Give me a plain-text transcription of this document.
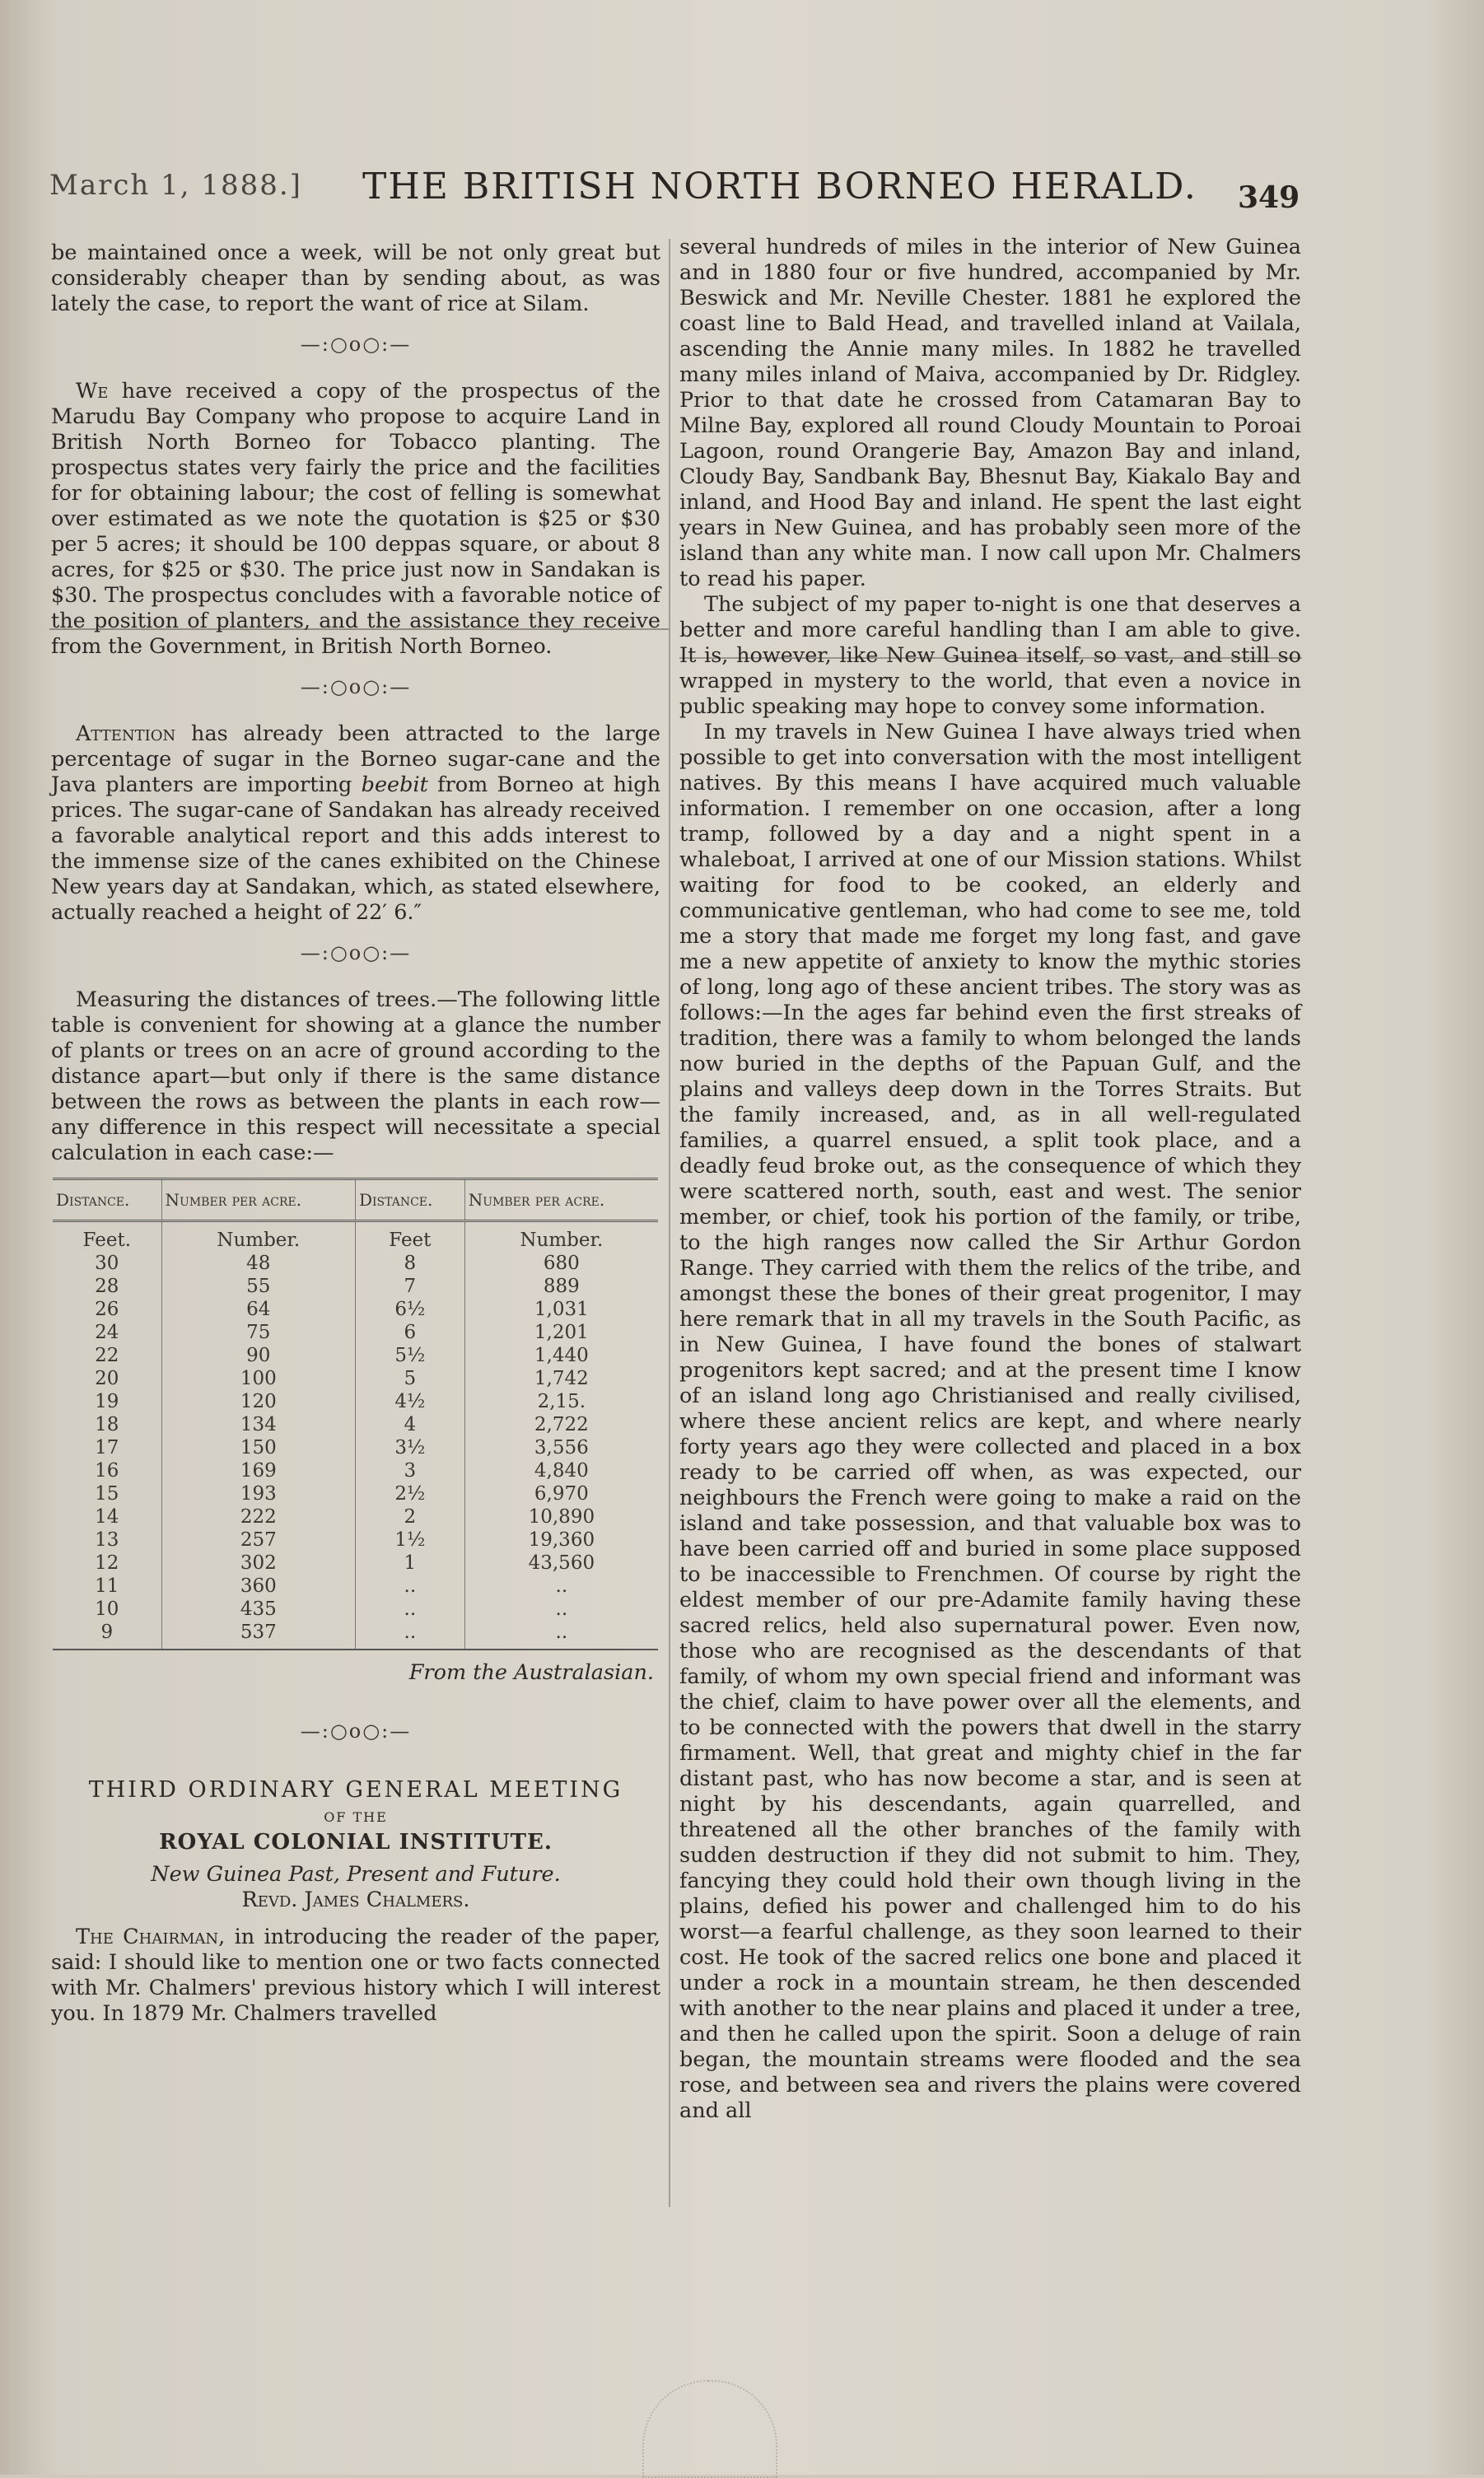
March 1, 1888.] THE BRITISH NORTH BORNEO HERALD. 349

be maintained once a week, will be not only great but considerably cheaper than by sending about, as was lately the case, to report the want of rice at Silam.

—:○o○:—

We have received a copy of the prospectus of the Marudu Bay Company who propose to acquire Land in British North Borneo for Tobacco planting. The prospectus states very fairly the price and the facilities for for obtaining labour; the cost of felling is somewhat over estimated as we note the quotation is $25 or $30 per 5 acres; it should be 100 deppas square, or about 8 acres, for $25 or $30. The price just now in Sandakan is $30. The prospectus concludes with a favorable notice of the position of planters, and the assistance they receive from the Government, in British North Borneo.

—:○o○:—

Attention has already been attracted to the large percentage of sugar in the Borneo sugar-cane and the Java planters are importing beebit from Borneo at high prices. The sugar-cane of Sandakan has already received a favorable analytical report and this adds interest to the immense size of the canes exhibited on the Chinese New years day at Sandakan, which, as stated elsewhere, actually reached a height of 22′ 6.″

—:○o○:—

Measuring the distances of trees.—The following little table is convenient for showing at a glance the number of plants or trees on an acre of ground according to the distance apart—but only if there is the same distance between the rows as between the plants in each row—any difference in this respect will necessitate a special calculation in each case:—

Distance.	Number per acre.	Distance.	Number per acre.
Feet.	Number.	Feet	Number.
30	48	8	680
28	55	7	889
26	64	6½	1,031
24	75	6	1,201
22	90	5½	1,440
20	100	5	1,742
19	120	4½	2,15.
18	134	4	2,722
17	150	3½	3,556
16	169	3	4,840
15	193	2½	6,970
14	222	2	10,890
13	257	1½	19,360
12	302	1	43,560
11	360	..	..
10	435	..	..
9	537	..	..
From the Australasian.
—:○o○:—
THIRD ORDINARY GENERAL MEETING
OF THE
ROYAL COLONIAL INSTITUTE.
New Guinea Past, Present and Future.
Revd. James Chalmers.

The Chairman, in introducing the reader of the paper, said: I should like to mention one or two facts connected with Mr. Chalmers' previous history which I will interest you. In 1879 Mr. Chalmers travelled

several hundreds of miles in the interior of New Guinea and in 1880 four or five hundred, accompanied by Mr. Beswick and Mr. Neville Chester. 1881 he explored the coast line to Bald Head, and travelled inland at Vailala, ascending the Annie many miles. In 1882 he travelled many miles inland of Maiva, accompanied by Dr. Ridgley. Prior to that date he crossed from Catamaran Bay to Milne Bay, explored all round Cloudy Mountain to Poroai Lagoon, round Orangerie Bay, Amazon Bay and inland, Cloudy Bay, Sandbank Bay, Bhesnut Bay, Kiakalo Bay and inland, and Hood Bay and inland. He spent the last eight years in New Guinea, and has probably seen more of the island than any white man. I now call upon Mr. Chalmers to read his paper.

The subject of my paper to-night is one that deserves a better and more careful handling than I am able to give. It is, however, like New Guinea itself, so vast, and still so wrapped in mystery to the world, that even a novice in public speaking may hope to convey some information.

In my travels in New Guinea I have always tried when possible to get into conversation with the most intelligent natives. By this means I have acquired much valuable information. I remember on one occasion, after a long tramp, followed by a day and a night spent in a whaleboat, I arrived at one of our Mission stations. Whilst waiting for food to be cooked, an elderly and communicative gentleman, who had come to see me, told me a story that made me forget my long fast, and gave me a new appetite of anxiety to know the mythic stories of long, long ago of these ancient tribes. The story was as follows:—In the ages far behind even the first streaks of tradition, there was a family to whom belonged the lands now buried in the depths of the Papuan Gulf, and the plains and valleys deep down in the Torres Straits. But the family increased, and, as in all well-regulated families, a quarrel ensued, a split took place, and a deadly feud broke out, as the consequence of which they were scattered north, south, east and west. The senior member, or chief, took his portion of the family, or tribe, to the high ranges now called the Sir Arthur Gordon Range. They carried with them the relics of the tribe, and amongst these the bones of their great progenitor, I may here remark that in all my travels in the South Pacific, as in New Guinea, I have found the bones of stalwart progenitors kept sacred; and at the present time I know of an island long ago Christianised and really civilised, where these ancient relics are kept, and where nearly forty years ago they were collected and placed in a box ready to be carried off when, as was expected, our neighbours the French were going to make a raid on the island and take possession, and that valuable box was to have been carried off and buried in some place supposed to be inaccessible to Frenchmen. Of course by right the eldest member of our pre-Adamite family having these sacred relics, held also supernatural power. Even now, those who are recognised as the descendants of that family, of whom my own special friend and informant was the chief, claim to have power over all the elements, and to be connected with the powers that dwell in the starry firmament. Well, that great and mighty chief in the far distant past, who has now become a star, and is seen at night by his descendants, again quarrelled, and threatened all the other branches of the family with sudden destruction if they did not submit to him. They, fancying they could hold their own though living in the plains, defied his power and challenged him to do his worst—a fearful challenge, as they soon learned to their cost. He took of the sacred relics one bone and placed it under a rock in a mountain stream, he then descended with another to the near plains and placed it under a tree, and then he called upon the spirit. Soon a deluge of rain began, the mountain streams were flooded and the sea rose, and between sea and rivers the plains were covered and all
